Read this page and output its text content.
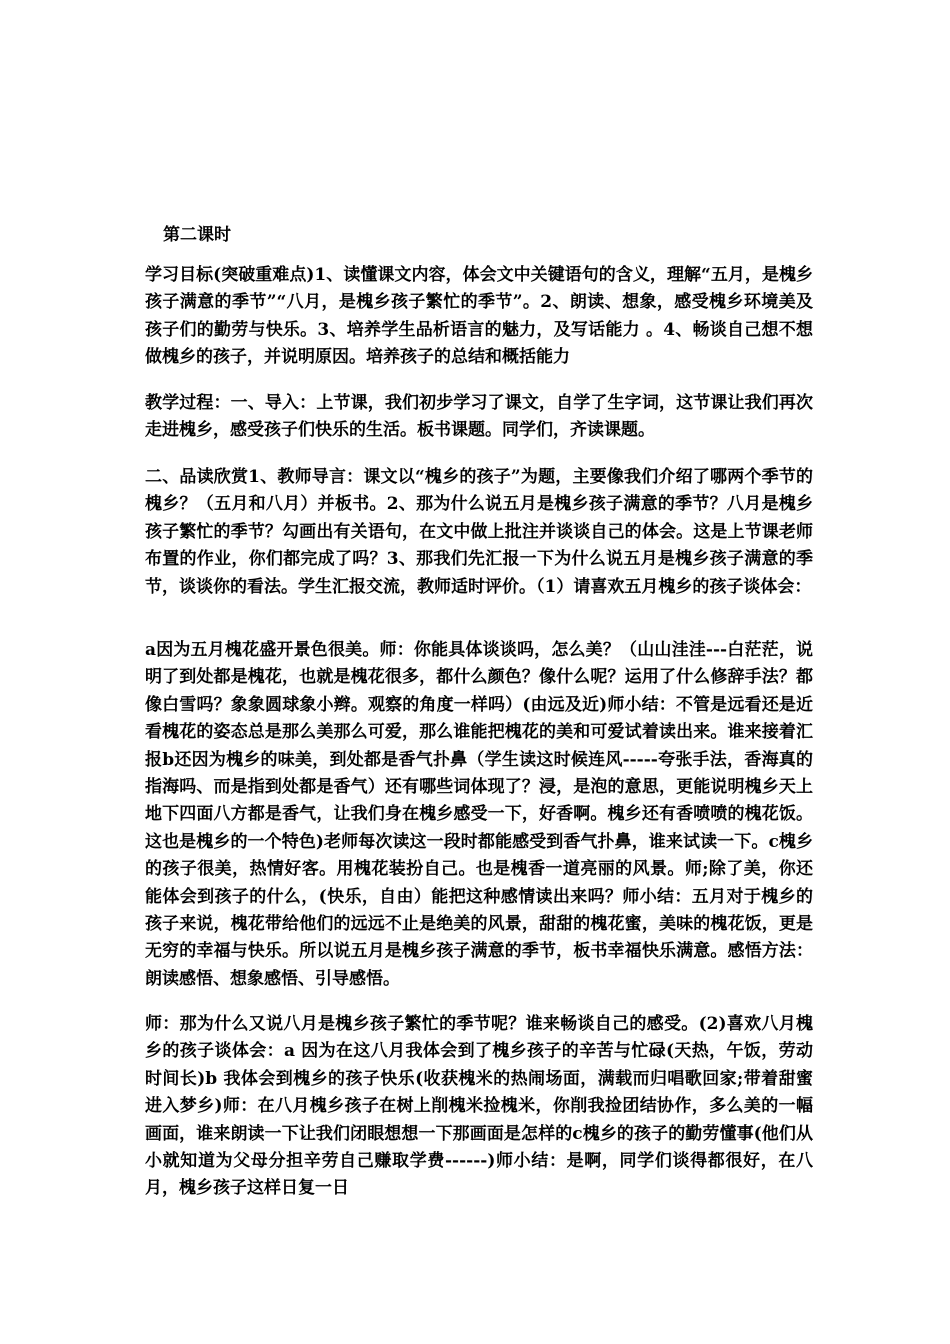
第二课时
学习目标(突破重难点)1、读懂课文内容，体会文中关键语句的含义，理解“五月，是槐乡孩子满意的季节”“八月，是槐乡孩子繁忙的季节”。2、朗读、想象，感受槐乡环境美及孩子们的勤劳与快乐。3、培养学生品析语言的魅力，及写话能力 。4、畅谈自己想不想做槐乡的孩子，并说明原因。培养孩子的总结和概括能力
教学过程：一、导入：上节课，我们初步学习了课文，自学了生字词，这节课让我们再次走进槐乡，感受孩子们快乐的生活。板书课题。同学们，齐读课题。
二、品读欣赏1、教师导言：课文以“槐乡的孩子”为题，主要像我们介绍了哪两个季节的槐乡？（五月和八月）并板书。2、那为什么说五月是槐乡孩子满意的季节？八月是槐乡孩子繁忙的季节？勾画出有关语句，在文中做上批注并谈谈自己的体会。这是上节课老师布置的作业，你们都完成了吗？3、那我们先汇报一下为什么说五月是槐乡孩子满意的季节，谈谈你的看法。学生汇报交流，教师适时评价。（1）请喜欢五月槐乡的孩子谈体会：
a因为五月槐花盛开景色很美。师：你能具体谈谈吗，怎么美？（山山洼洼---白茫茫，说明了到处都是槐花，也就是槐花很多，都什么颜色？像什么呢？运用了什么修辞手法？都像白雪吗？象象圆球象小辫。观察的角度一样吗）(由远及近)师小结：不管是远看还是近看槐花的姿态总是那么美那么可爱，那么谁能把槐花的美和可爱试着读出来。谁来接着汇报b还因为槐乡的味美，到处都是香气扑鼻（学生读这时候连风-----夸张手法，香海真的指海吗、而是指到处都是香气）还有哪些词体现了？浸，是泡的意思，更能说明槐乡天上地下四面八方都是香气，让我们身在槐乡感受一下，好香啊。槐乡还有香喷喷的槐花饭。这也是槐乡的一个特色)老师每次读这一段时都能感受到香气扑鼻，谁来试读一下。c槐乡的孩子很美，热情好客。用槐花装扮自己。也是槐香一道亮丽的风景。师;除了美，你还能体会到孩子的什么，(快乐，自由）能把这种感情读出来吗？师小结：五月对于槐乡的孩子来说，槐花带给他们的远远不止是绝美的风景，甜甜的槐花蜜，美味的槐花饭，更是无穷的幸福与快乐。所以说五月是槐乡孩子满意的季节，板书幸福快乐满意。感悟方法：朗读感悟、想象感悟、引导感悟。
师：那为什么又说八月是槐乡孩子繁忙的季节呢？谁来畅谈自己的感受。(2)喜欢八月槐乡的孩子谈体会：a 因为在这八月我体会到了槐乡孩子的辛苦与忙碌(天热，午饭，劳动时间长)b 我体会到槐乡的孩子快乐(收获槐米的热闹场面，满载而归唱歌回家;带着甜蜜进入梦乡)师：在八月槐乡孩子在树上削槐米捡槐米，你削我捡团结协作，多么美的一幅画面，谁来朗读一下让我们闭眼想想一下那画面是怎样的c槐乡的孩子的勤劳懂事(他们从小就知道为父母分担辛劳自己赚取学费------)师小结：是啊，同学们谈得都很好，在八月，槐乡孩子这样日复一日
